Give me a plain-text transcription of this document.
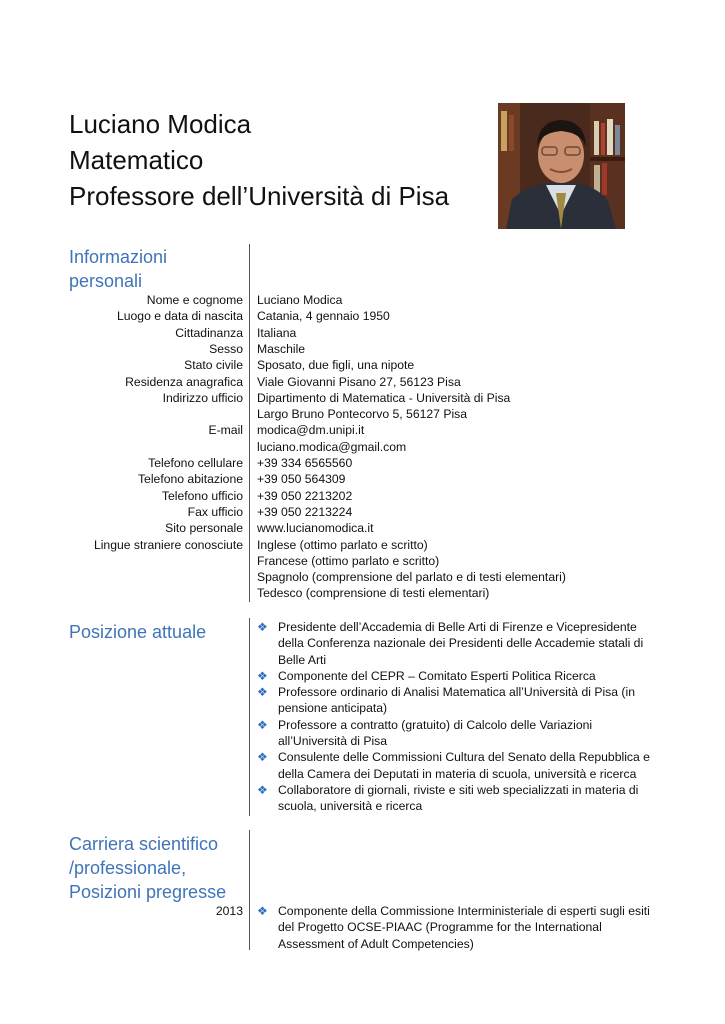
Luciano Modica
Matematico
Professore dell’Università di Pisa
Informazioni personali
Nome e cognome Luciano Modica
Luogo e data di nascita Catania, 4 gennaio 1950
Cittadinanza Italiana
Sesso Maschile
Stato civile Sposato, due figli, una nipote
Residenza anagrafica Viale Giovanni Pisano 27, 56123 Pisa
Indirizzo ufficio Dipartimento di Matematica - Università di Pisa
Largo Bruno Pontecorvo 5, 56127 Pisa
E-mail modica@dm.unipi.it
luciano.modica@gmail.com
Telefono cellulare +39 334 6565560
Telefono abitazione +39 050 564309
Telefono ufficio +39 050 2213202
Fax ufficio +39 050 2213224
Sito personale www.lucianomodica.it
Lingue straniere conosciute Inglese (ottimo parlato e scritto)
Francese (ottimo parlato e scritto)
Spagnolo (comprensione del parlato e di testi elementari)
Tedesco (comprensione di testi elementari)
Posizione attuale	❖ Presidente dell’Accademia di Belle Arti di Firenze e Vicepresidente della Conferenza nazionale dei Presidenti delle Accademie statali di Belle Arti
❖ Componente del CEPR – Comitato Esperti Politica Ricerca
❖ Professore ordinario di Analisi Matematica all’Università di Pisa (in pensione anticipata)
❖ Professore a contratto (gratuito) di Calcolo delle Variazioni all’Università di Pisa
❖ Consulente delle Commissioni Cultura del Senato della Repubblica e della Camera dei Deputati in materia di scuola, università e ricerca
❖ Collaboratore di giornali, riviste e siti web specializzati in materia di scuola, università e ricerca
Carriera scientifico /professionale, Posizioni pregresse
2013 ❖ Componente della Commissione Interministeriale di esperti sugli esiti del Progetto OCSE-PIAAC (Programme for the International Assessment of Adult Competencies)
